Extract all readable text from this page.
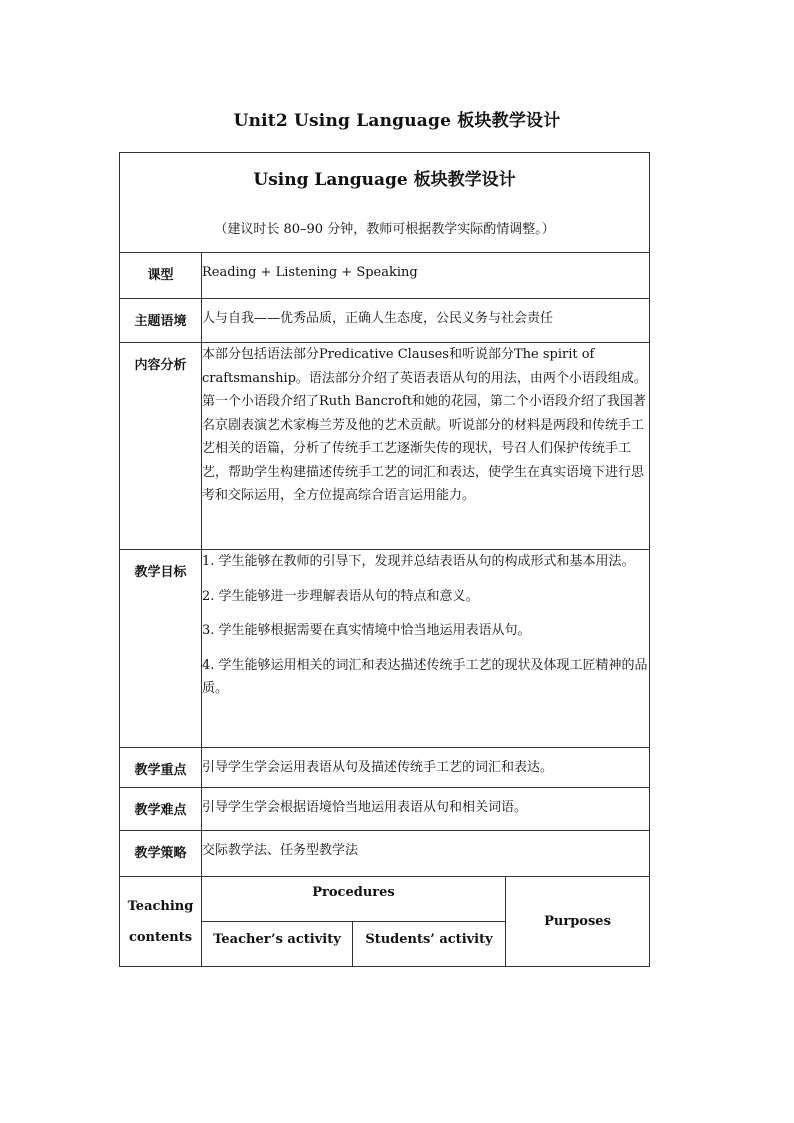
Unit2 Using Language 板块教学设计
Using Language 板块教学设计
（建议时长 80–90 分钟，教师可根据教学实际酌情调整。）			

课型	Reading + Listening + Speaking		

主题语境	人与自我——优秀品质，正确人生态度，公民义务与社会责任		

内容分析	本部分包括语法部分Predicative Clauses和听说部分The spirit of craftsmanship。语法部分介绍了英语表语从句的用法，由两个小语段组成。第一个小语段介绍了Ruth Bancroft和她的花园，第二个小语段介绍了我国著名京剧表演艺术家梅兰芳及他的艺术贡献。听说部分的材料是两段和传统手工艺相关的语篇，分析了传统手工艺逐渐失传的现状，号召人们保护传统手工艺，帮助学生构建描述传统手工艺的词汇和表达，使学生在真实语境下进行思考和交际运用，全方位提高综合语言运用能力。		

教学目标	1. 学生能够在教师的引导下，发现并总结表语从句的构成形式和基本用法。

2. 学生能够进一步理解表语从句的特点和意义。

3. 学生能够根据需要在真实情境中恰当地运用表语从句。

4. 学生能够运用相关的词汇和表达描述传统手工艺的现状及体现工匠精神的品质。		

教学重点	引导学生学会运用表语从句及描述传统手工艺的词汇和表达。		

教学难点	引导学生学会根据语境恰当地运用表语从句和相关词语。		

教学策略	交际教学法、任务型教学法		
Teaching
contents	Procedures		Purposes

	Teacher’s activity	Students’ activity	
